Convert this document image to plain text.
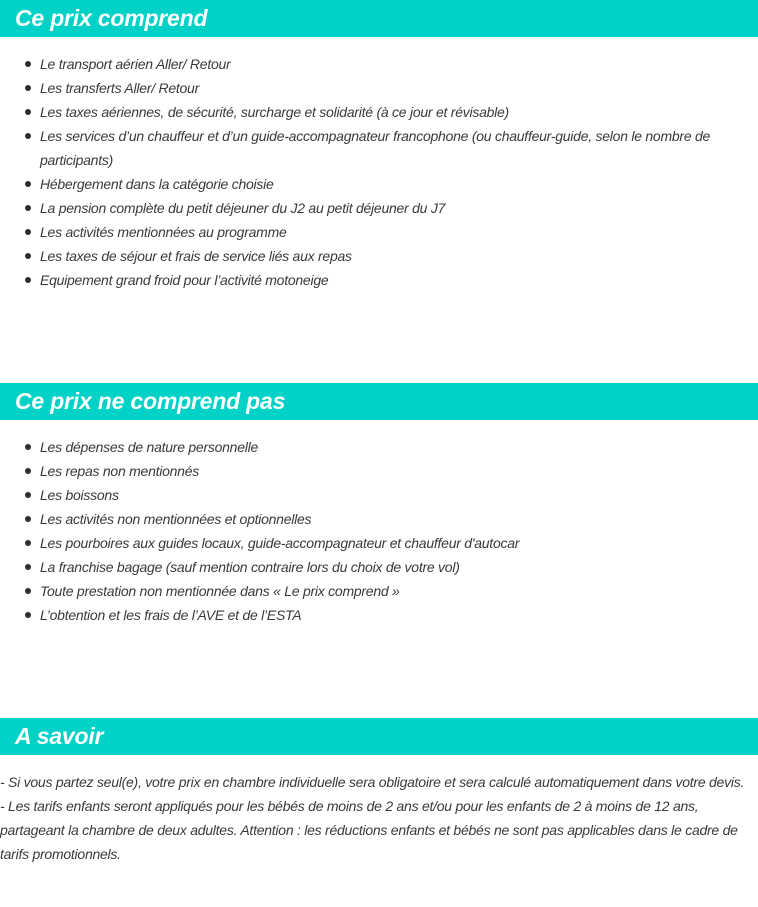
Ce prix comprend
Le transport aérien Aller/ Retour
Les transferts Aller/ Retour
Les taxes aériennes, de sécurité, surcharge et solidarité (à ce jour et révisable)
Les services d’un chauffeur et d’un guide-accompagnateur francophone (ou chauffeur-guide, selon le nombre de participants)
Hébergement dans la catégorie choisie
La pension complète du petit déjeuner du J2 au petit déjeuner du J7
Les activités mentionnées au programme
Les taxes de séjour et frais de service liés aux repas
Equipement grand froid pour l’activité motoneige
Ce prix ne comprend pas
Les dépenses de nature personnelle
Les repas non mentionnés
Les boissons
Les activités non mentionnées et optionnelles
Les pourboires aux guides locaux, guide-accompagnateur et chauffeur d'autocar
La franchise bagage (sauf mention contraire lors du choix de votre vol)
Toute prestation non mentionnée dans « Le prix comprend »
L’obtention et les frais de l’AVE et de l’ESTA
A savoir

- Si vous partez seul(e), votre prix en chambre individuelle sera obligatoire et sera calculé automatiquement dans votre devis.

- Les tarifs enfants seront appliqués pour les bébés de moins de 2 ans et/ou pour les enfants de 2 à moins de 12 ans, partageant la chambre de deux adultes. Attention : les réductions enfants et bébés ne sont pas applicables dans le cadre de tarifs promotionnels.
